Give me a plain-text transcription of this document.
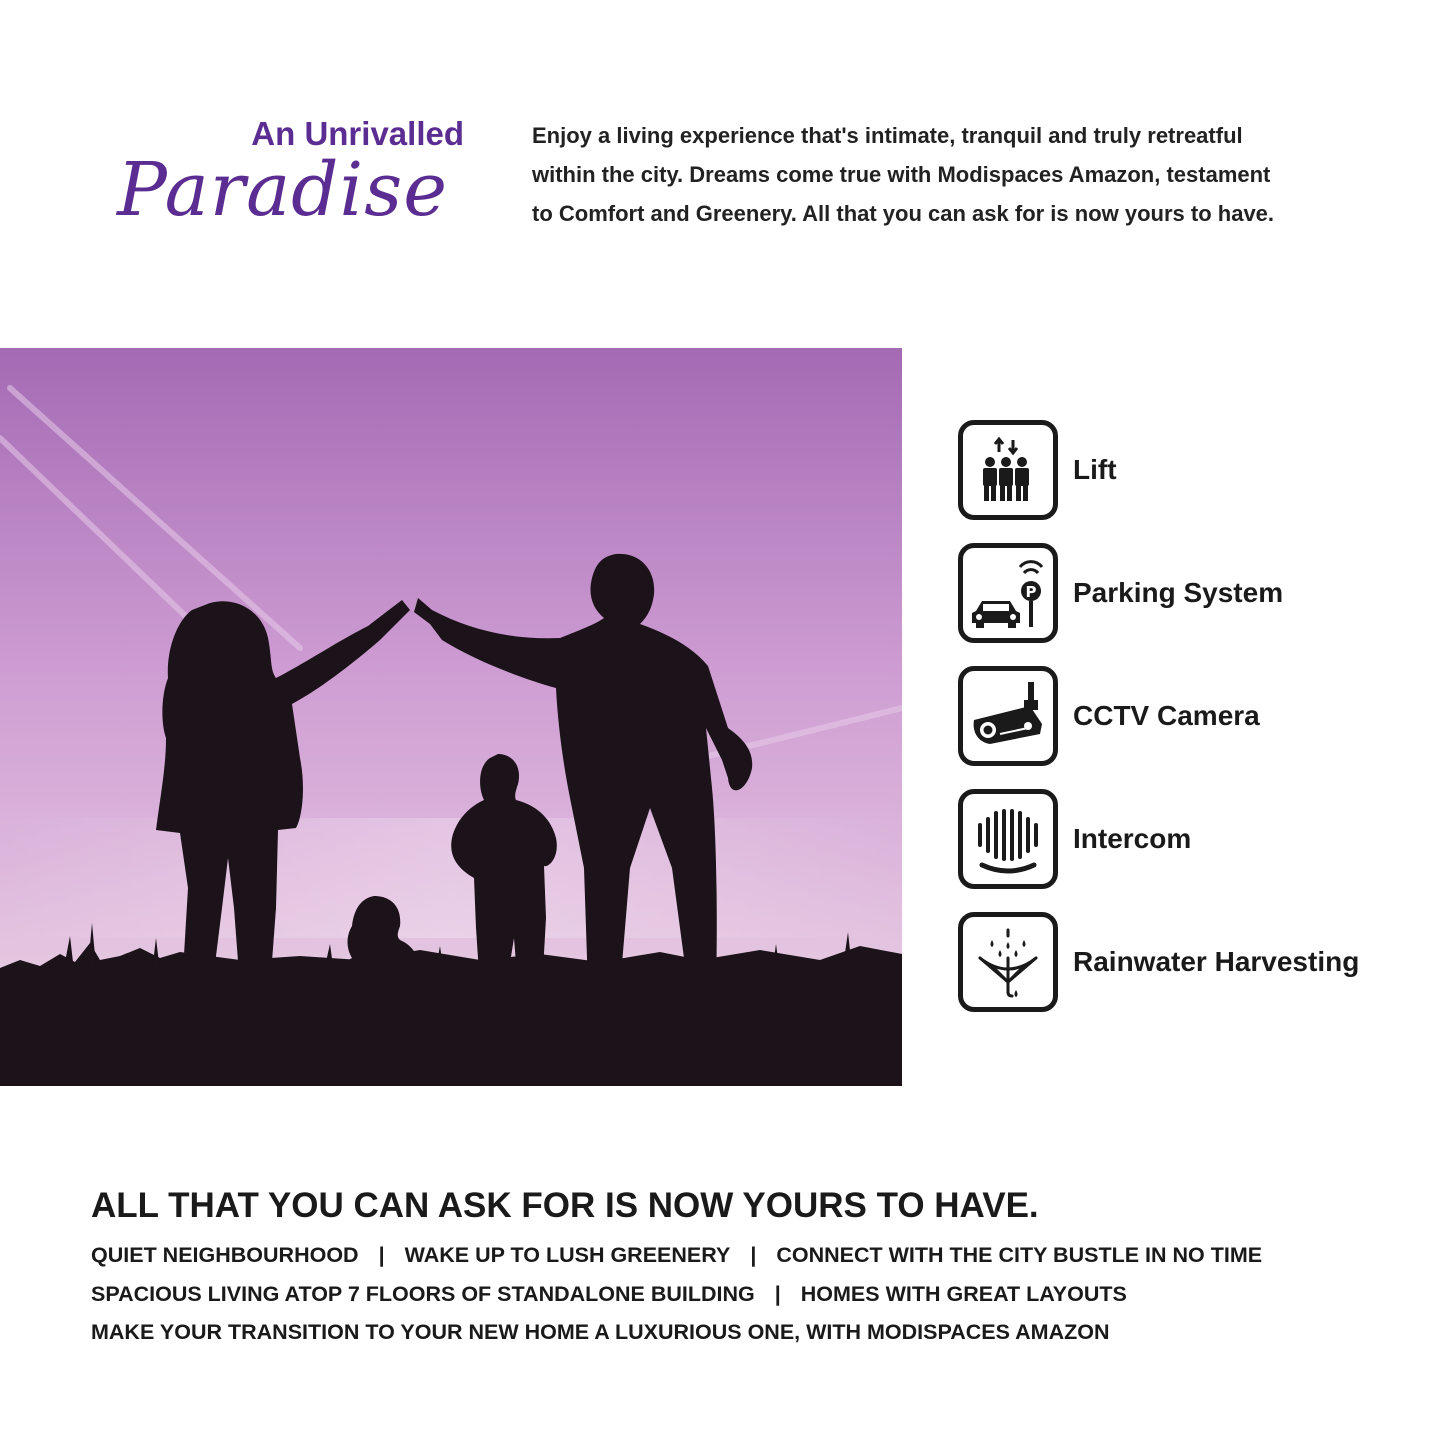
An Unrivalled
Paradise
Enjoy a living experience that's intimate, tranquil and truly retreatful
within the city. Dreams come true with Modispaces Amazon, testament
to Comfort and Greenery. All that you can ask for is now yours to have.
Lift
P Parking System
CCTV Camera
Intercom
Rainwater Harvesting
ALL THAT YOU CAN ASK FOR IS NOW YOURS TO HAVE.
QUIET NEIGHBOURHOOD | WAKE UP TO LUSH GREENERY | CONNECT WITH THE CITY BUSTLE IN NO TIME
SPACIOUS LIVING ATOP 7 FLOORS OF STANDALONE BUILDING | HOMES WITH GREAT LAYOUTS
MAKE YOUR TRANSITION TO YOUR NEW HOME A LUXURIOUS ONE, WITH MODISPACES AMAZON
